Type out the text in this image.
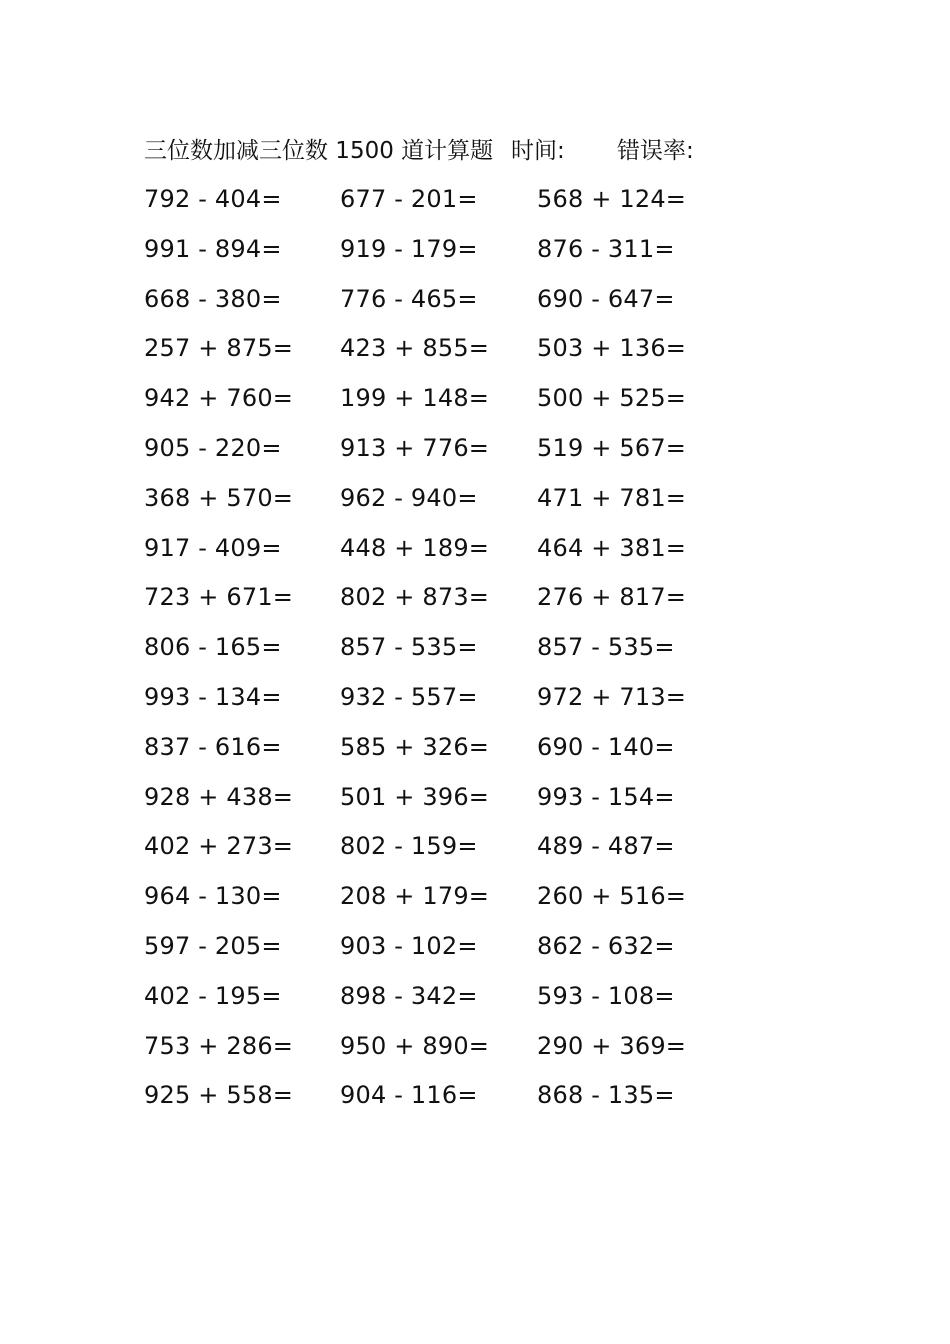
三位数加减三位数 1500 道计算题 时间: 错误率:
792 - 404= 677 - 201= 568 + 124=
991 - 894= 919 - 179= 876 - 311=
668 - 380= 776 - 465= 690 - 647=
257 + 875= 423 + 855= 503 + 136=
942 + 760= 199 + 148= 500 + 525=
905 - 220= 913 + 776= 519 + 567=
368 + 570= 962 - 940= 471 + 781=
917 - 409= 448 + 189= 464 + 381=
723 + 671= 802 + 873= 276 + 817=
806 - 165= 857 - 535= 857 - 535=
993 - 134= 932 - 557= 972 + 713=
837 - 616= 585 + 326= 690 - 140=
928 + 438= 501 + 396= 993 - 154=
402 + 273= 802 - 159= 489 - 487=
964 - 130= 208 + 179= 260 + 516=
597 - 205= 903 - 102= 862 - 632=
402 - 195= 898 - 342= 593 - 108=
753 + 286= 950 + 890= 290 + 369=
925 + 558= 904 - 116= 868 - 135=
